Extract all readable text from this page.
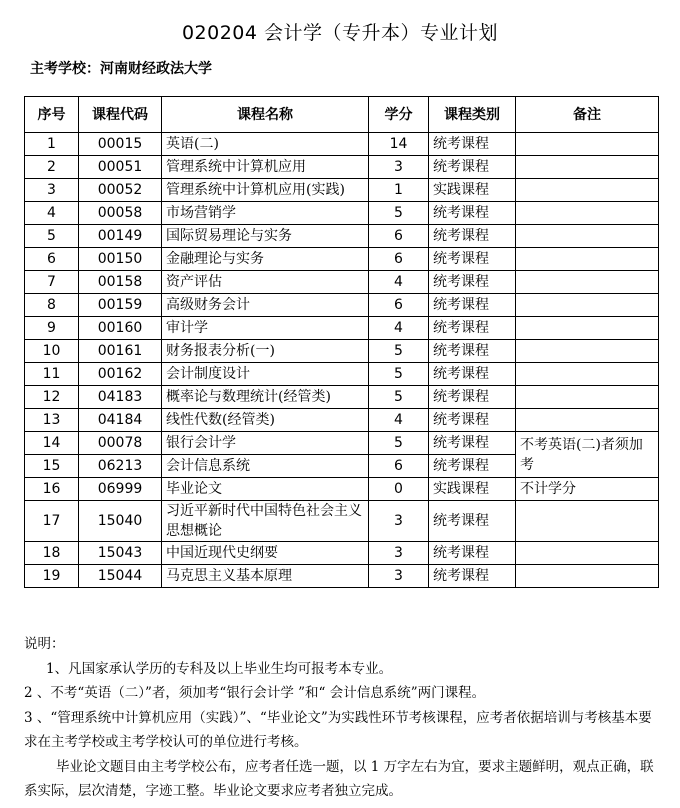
020204 会计学（专升本）专业计划
主考学校：河南财经政法大学
序号	课程代码	课程名称	学分	课程类别	备注
1	00015	英语(二)	14	统考课程	
2	00051	管理系统中计算机应用	3	统考课程	
3	00052	管理系统中计算机应用(实践)	1	实践课程	
4	00058	市场营销学	5	统考课程	
5	00149	国际贸易理论与实务	6	统考课程	
6	00150	金融理论与实务	6	统考课程	
7	00158	资产评估	4	统考课程	
8	00159	高级财务会计	6	统考课程	
9	00160	审计学	4	统考课程	
10	00161	财务报表分析(一)	5	统考课程	
11	00162	会计制度设计	5	统考课程	
12	04183	概率论与数理统计(经管类)	5	统考课程	
13	04184	线性代数(经管类)	4	统考课程	
14	00078	银行会计学	5	统考课程	不考英语(二)者须加考
15	06213	会计信息系统	6	统考课程	
16	06999	毕业论文	0	实践课程	不计学分
17	15040	习近平新时代中国特色社会主义思想概论	3	统考课程	
18	15043	中国近现代史纲要	3	统考课程	
19	15044	马克思主义基本原理	3	统考课程	

说明：

1、凡国家承认学历的专科及以上毕业生均可报考本专业。

2 、不考“英语（二）”者，须加考“银行会计学 ”和“ 会计信息系统”两门课程。

3 、“管理系统中计算机应用（实践）”、“毕业论文”为实践性环节考核课程，应考者依据培训与考核基本要求在主考学校或主考学校认可的单位进行考核。

毕业论文题目由主考学校公布，应考者任选一题，以 1 万字左右为宜，要求主题鲜明，观点正确，联系实际，层次清楚，字迹工整。毕业论文要求应考者独立完成。
